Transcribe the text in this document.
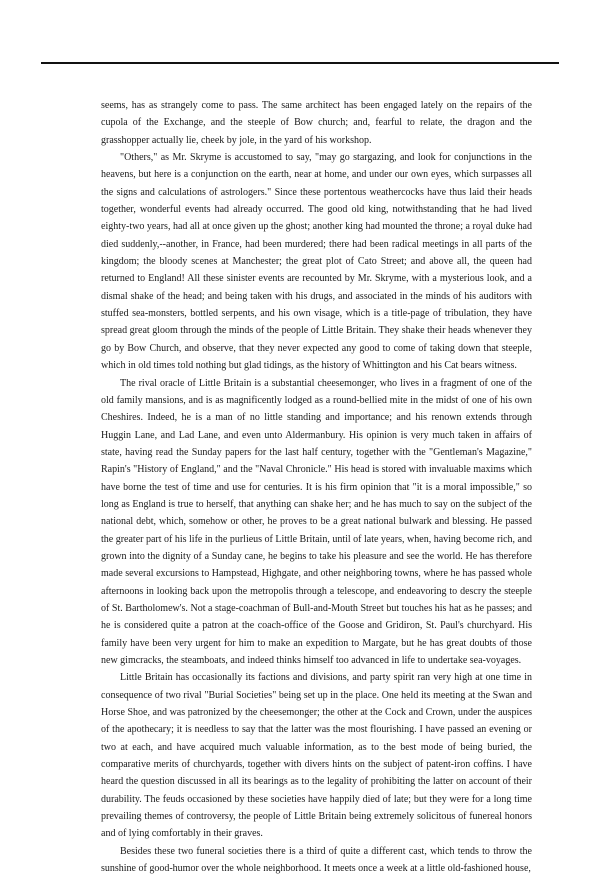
seems, has as strangely come to pass. The same architect has been engaged lately on the repairs of the cupola of the Exchange, and the steeple of Bow church; and, fearful to relate, the dragon and the grasshopper actually lie, cheek by jole, in the yard of his workshop.

"Others," as Mr. Skryme is accustomed to say, "may go stargazing, and look for conjunctions in the heavens, but here is a conjunction on the earth, near at home, and under our own eyes, which surpasses all the signs and calculations of astrologers." Since these portentous weathercocks have thus laid their heads together, wonderful events had already occurred. The good old king, notwithstanding that he had lived eighty-two years, had all at once given up the ghost; another king had mounted the throne; a royal duke had died suddenly,--another, in France, had been murdered; there had been radical meetings in all parts of the kingdom; the bloody scenes at Manchester; the great plot of Cato Street; and above all, the queen had returned to England! All these sinister events are recounted by Mr. Skryme, with a mysterious look, and a dismal shake of the head; and being taken with his drugs, and associated in the minds of his auditors with stuffed sea-monsters, bottled serpents, and his own visage, which is a title-page of tribulation, they have spread great gloom through the minds of the people of Little Britain. They shake their heads whenever they go by Bow Church, and observe, that they never expected any good to come of taking down that steeple, which in old times told nothing but glad tidings, as the history of Whittington and his Cat bears witness.

The rival oracle of Little Britain is a substantial cheesemonger, who lives in a fragment of one of the old family mansions, and is as magnificently lodged as a round-bellied mite in the midst of one of his own Cheshires. Indeed, he is a man of no little standing and importance; and his renown extends through Huggin Lane, and Lad Lane, and even unto Aldermanbury. His opinion is very much taken in affairs of state, having read the Sunday papers for the last half century, together with the "Gentleman's Magazine," Rapin's "History of England," and the "Naval Chronicle." His head is stored with invaluable maxims which have borne the test of time and use for centuries. It is his firm opinion that "it is a moral impossible," so long as England is true to herself, that anything can shake her; and he has much to say on the subject of the national debt, which, somehow or other, he proves to be a great national bulwark and blessing. He passed the greater part of his life in the purlieus of Little Britain, until of late years, when, having become rich, and grown into the dignity of a Sunday cane, he begins to take his pleasure and see the world. He has therefore made several excursions to Hampstead, Highgate, and other neighboring towns, where he has passed whole afternoons in looking back upon the metropolis through a telescope, and endeavoring to descry the steeple of St. Bartholomew's. Not a stage-coachman of Bull-and-Mouth Street but touches his hat as he passes; and he is considered quite a patron at the coach-office of the Goose and Gridiron, St. Paul's churchyard. His family have been very urgent for him to make an expedition to Margate, but he has great doubts of those new gimcracks, the steamboats, and indeed thinks himself too advanced in life to undertake sea-voyages.

Little Britain has occasionally its factions and divisions, and party spirit ran very high at one time in consequence of two rival "Burial Societies" being set up in the place. One held its meeting at the Swan and Horse Shoe, and was patronized by the cheesemonger; the other at the Cock and Crown, under the auspices of the apothecary; it is needless to say that the latter was the most flourishing. I have passed an evening or two at each, and have acquired much valuable information, as to the best mode of being buried, the comparative merits of churchyards, together with divers hints on the subject of patent-iron coffins. I have heard the question discussed in all its bearings as to the legality of prohibiting the latter on account of their durability. The feuds occasioned by these societies have happily died of late; but they were for a long time prevailing themes of controversy, the people of Little Britain being extremely solicitous of funereal honors and of lying comfortably in their graves.

Besides these two funeral societies there is a third of quite a different cast, which tends to throw the sunshine of good-humor over the whole neighborhood. It meets once a week at a little old-fashioned house,
